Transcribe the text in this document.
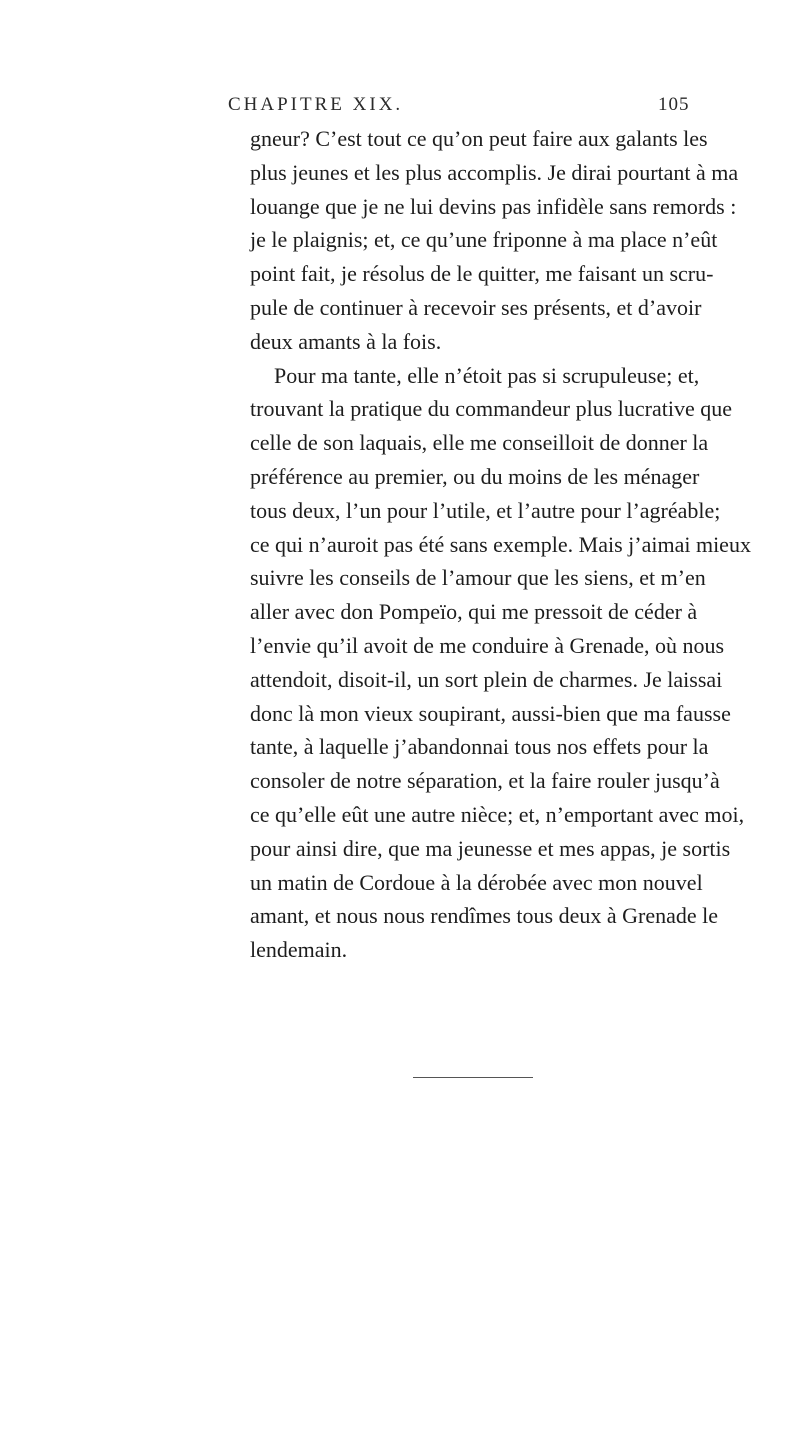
CHAPITRE XIX.	105
gneur? C’est tout ce qu’on peut faire aux galants les
plus jeunes et les plus accomplis. Je dirai pourtant à ma
louange que je ne lui devins pas infidèle sans remords :
je le plaignis; et, ce qu’une friponne à ma place n’eût
point fait, je résolus de le quitter, me faisant un scru-
pule de continuer à recevoir ses présents, et d’avoir
deux amants à la fois.
Pour ma tante, elle n’étoit pas si scrupuleuse; et,
trouvant la pratique du commandeur plus lucrative que
celle de son laquais, elle me conseilloit de donner la
préférence au premier, ou du moins de les ménager
tous deux, l’un pour l’utile, et l’autre pour l’agréable;
ce qui n’auroit pas été sans exemple. Mais j’aimai mieux
suivre les conseils de l’amour que les siens, et m’en
aller avec don Pompeïo, qui me pressoit de céder à
l’envie qu’il avoit de me conduire à Grenade, où nous
attendoit, disoit-il, un sort plein de charmes. Je laissai
donc là mon vieux soupirant, aussi-bien que ma fausse
tante, à laquelle j’abandonnai tous nos effets pour la
consoler de notre séparation, et la faire rouler jusqu’à
ce qu’elle eût une autre nièce; et, n’emportant avec moi,
pour ainsi dire, que ma jeunesse et mes appas, je sortis
un matin de Cordoue à la dérobée avec mon nouvel
amant, et nous nous rendîmes tous deux à Grenade le
lendemain.
